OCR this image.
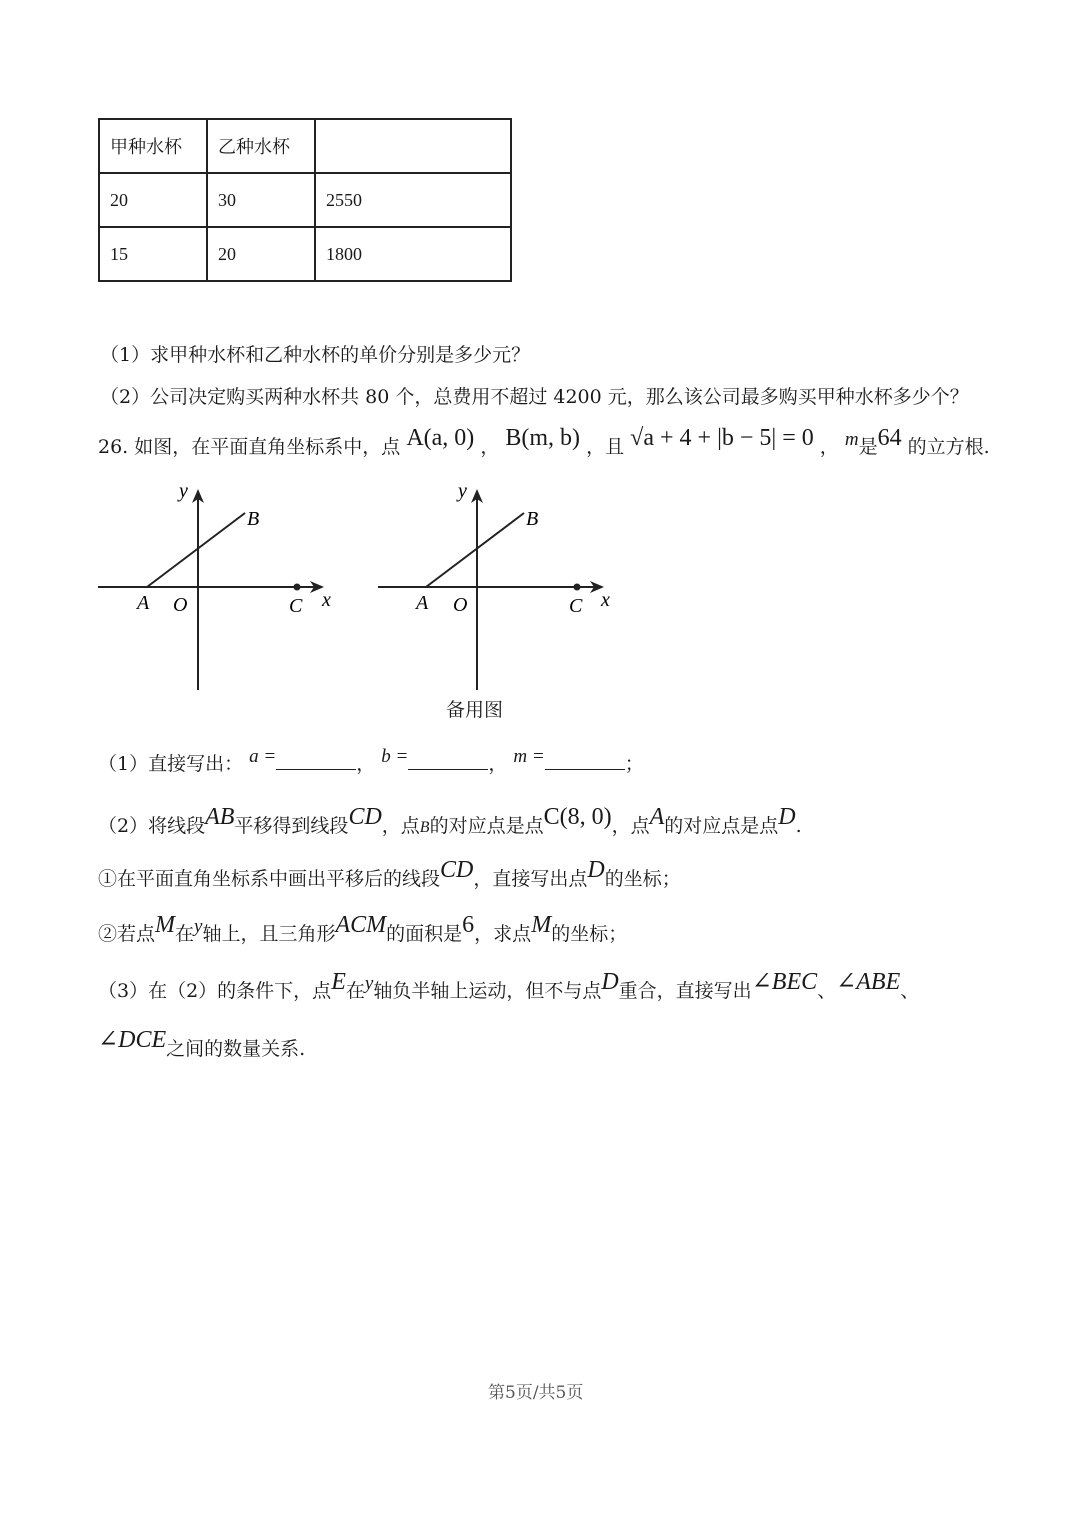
甲种水杯	乙种水杯	
20	30	2550
15	20	1800
（1）求甲种水杯和乙种水杯的单价分别是多少元？
（2）公司决定购买两种水杯共 80 个，总费用不超过 4200 元，那么该公司最多购买甲种水杯多少个？
26. 如图，在平面直角坐标系中，点 A(a, 0) ， B(m, b) ，且 √a + 4 + |b − 5| = 0 ， m是64 的立方根.
y
x
A O
B
C
y
x
A O
B
C
备用图
（1）直接写出： a =	， b =	， m =	；
（2）将线段AB平移得到线段CD，点B的对应点是点C(8, 0)，点A的对应点是点D.
①在平面直角坐标系中画出平移后的线段CD，直接写出点D的坐标；
②若点M在y轴上，且三角形ACM的面积是6，求点M的坐标；
（3）在（2）的条件下，点E在y轴负半轴上运动，但不与点D重合，直接写出∠BEC、∠ABE、
∠DCE之间的数量关系.
第5页/共5页
